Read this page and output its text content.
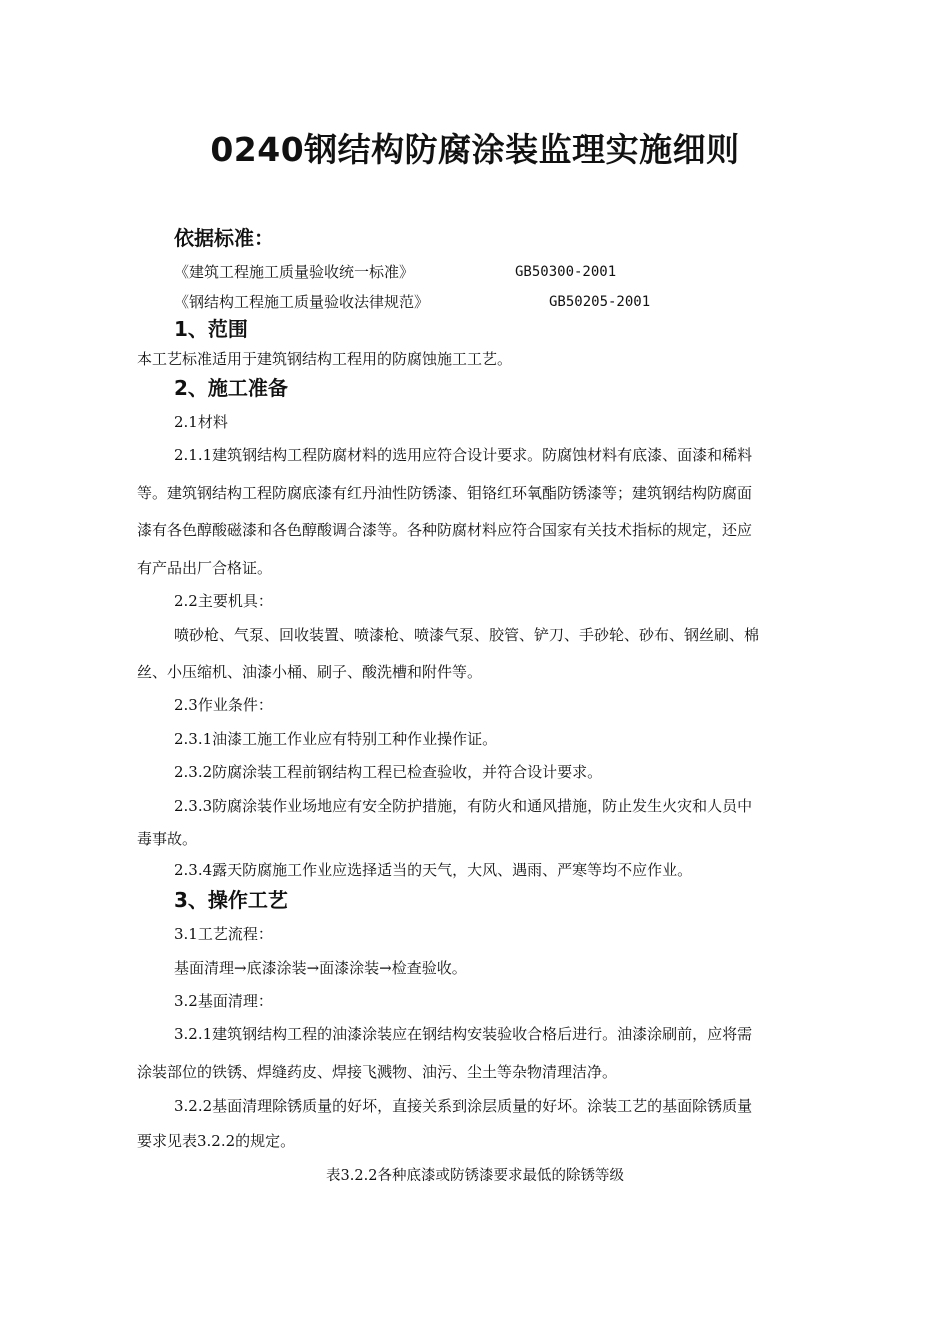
0240钢结构防腐涂装监理实施细则
依据标准：
《建筑工程施工质量验收统一标准》	GB50300-2001
《钢结构工程施工质量验收法律规范》	GB50205-2001
1、范围
本工艺标准适用于建筑钢结构工程用的防腐蚀施工工艺。
2、施工准备
2.1材料
2.1.1建筑钢结构工程防腐材料的选用应符合设计要求。防腐蚀材料有底漆、面漆和稀料
等。建筑钢结构工程防腐底漆有红丹油性防锈漆、钼铬红环氧酯防锈漆等；建筑钢结构防腐面
漆有各色醇酸磁漆和各色醇酸调合漆等。各种防腐材料应符合国家有关技术指标的规定，还应
有产品出厂合格证。
2.2主要机具：
喷砂枪、气泵、回收装置、喷漆枪、喷漆气泵、胶管、铲刀、手砂轮、砂布、钢丝刷、棉
丝、小压缩机、油漆小桶、刷子、酸洗槽和附件等。
2.3作业条件：
2.3.1油漆工施工作业应有特别工种作业操作证。
2.3.2防腐涂装工程前钢结构工程已检查验收，并符合设计要求。
2.3.3防腐涂装作业场地应有安全防护措施，有防火和通风措施，防止发生火灾和人员中
毒事故。
2.3.4露天防腐施工作业应选择适当的天气，大风、遇雨、严寒等均不应作业。
3、操作工艺
3.1工艺流程：
基面清理→底漆涂装→面漆涂装→检查验收。
3.2基面清理：
3.2.1建筑钢结构工程的油漆涂装应在钢结构安装验收合格后进行。油漆涂刷前，应将需
涂装部位的铁锈、焊缝药皮、焊接飞溅物、油污、尘土等杂物清理洁净。
3.2.2基面清理除锈质量的好坏，直接关系到涂层质量的好坏。涂装工艺的基面除锈质量
要求见表3.2.2的规定。
表3.2.2各种底漆或防锈漆要求最低的除锈等级
